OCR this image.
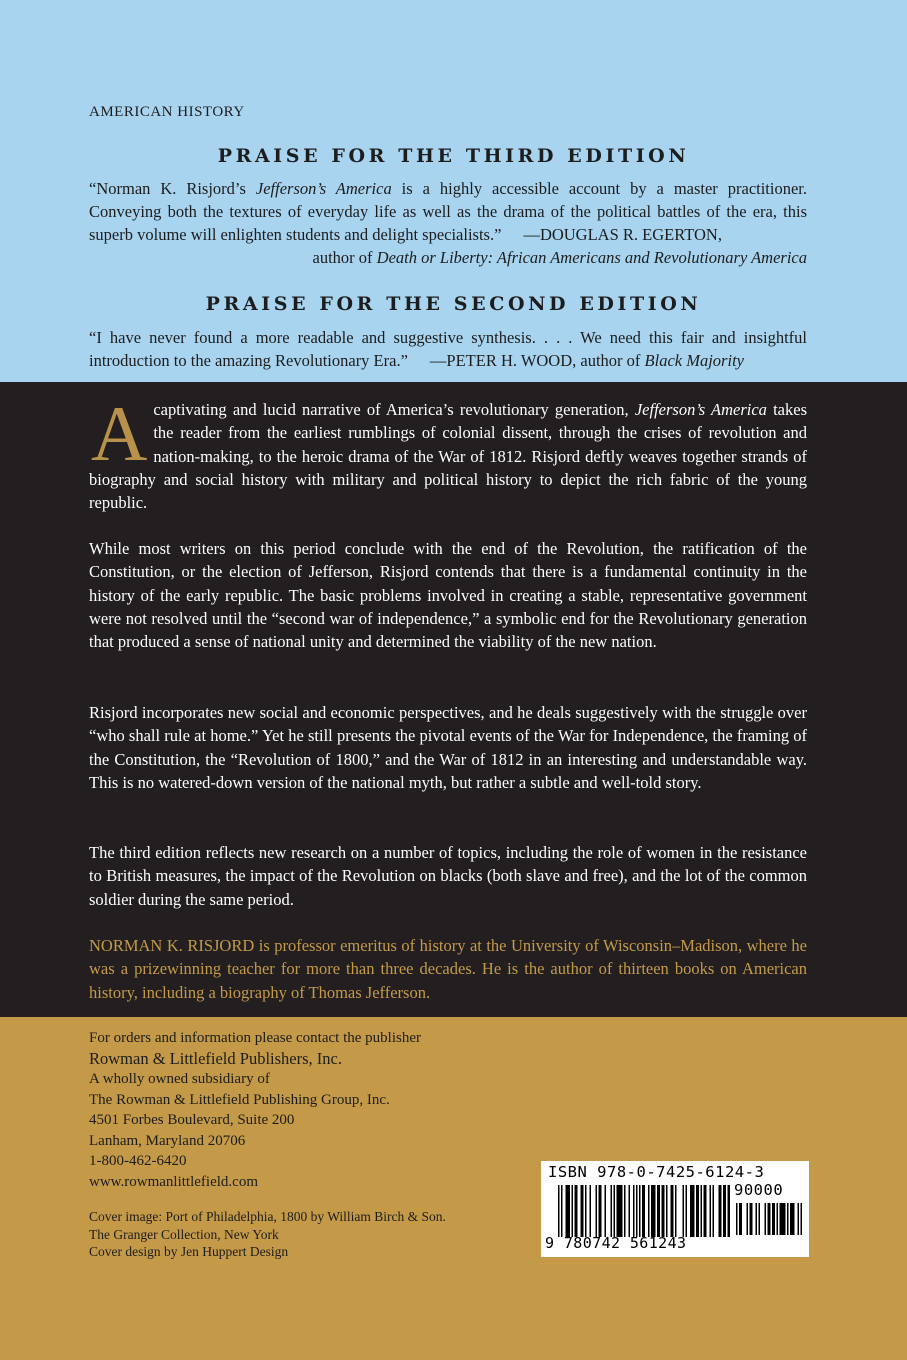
AMERICAN HISTORY
PRAISE FOR THE THIRD EDITION
“Norman K. Risjord’s Jefferson’s America is a highly accessible account by a master practitioner. Conveying both the textures of everyday life as well as the drama of the political battles of the era, this superb volume will enlighten students and delight specialists.” —DOUGLAS R. EGERTON,
author of Death or Liberty: African Americans and Revolutionary America
PRAISE FOR THE SECOND EDITION
“I have never found a more readable and suggestive synthesis. . . . We need this fair and insightful introduction to the amazing Revolutionary Era.” —PETER H. WOOD, author of Black Majority

Acaptivating and lucid narrative of America’s revolutionary generation, Jefferson’s America takes the reader from the earliest rumblings of colonial dissent, through the crises of revolution and nation-making, to the heroic drama of the War of 1812. Risjord deftly weaves together strands of biography and social history with military and political history to depict the rich fabric of the young republic.

While most writers on this period conclude with the end of the Revolution, the ratification of the Constitution, or the election of Jefferson, Risjord contends that there is a fundamental continuity in the history of the early republic. The basic problems involved in creating a stable, representative government were not resolved until the “second war of independence,” a symbolic end for the Revolutionary generation that produced a sense of national unity and determined the viability of the new nation.

Risjord incorporates new social and economic perspectives, and he deals suggestively with the struggle over “who shall rule at home.” Yet he still presents the pivotal events of the War for Independence, the framing of the Constitution, the “Revolution of 1800,” and the War of 1812 in an interesting and understandable way. This is no watered-down version of the national myth, but rather a subtle and well-told story.

The third edition reflects new research on a number of topics, including the role of women in the resistance to British measures, the impact of the Revolution on blacks (both slave and free), and the lot of the common soldier during the same period.

NORMAN K. RISJORD is professor emeritus of history at the University of Wisconsin–Madison, where he was a prizewinning teacher for more than three decades. He is the author of thirteen books on American history, including a biography of Thomas Jefferson.

For orders and information please contact the publisher
Rowman & Littlefield Publishers, Inc.
A wholly owned subsidiary of
The Rowman & Littlefield Publishing Group, Inc.
4501 Forbes Boulevard, Suite 200
Lanham, Maryland 20706
1-800-462-6420
www.rowmanlittlefield.com
Cover image: Port of Philadelphia, 1800 by William Birch & Son.
The Granger Collection, New York
Cover design by Jen Huppert Design
ISBN 978-0-7425-6124-3
90000
9 780742 561243
